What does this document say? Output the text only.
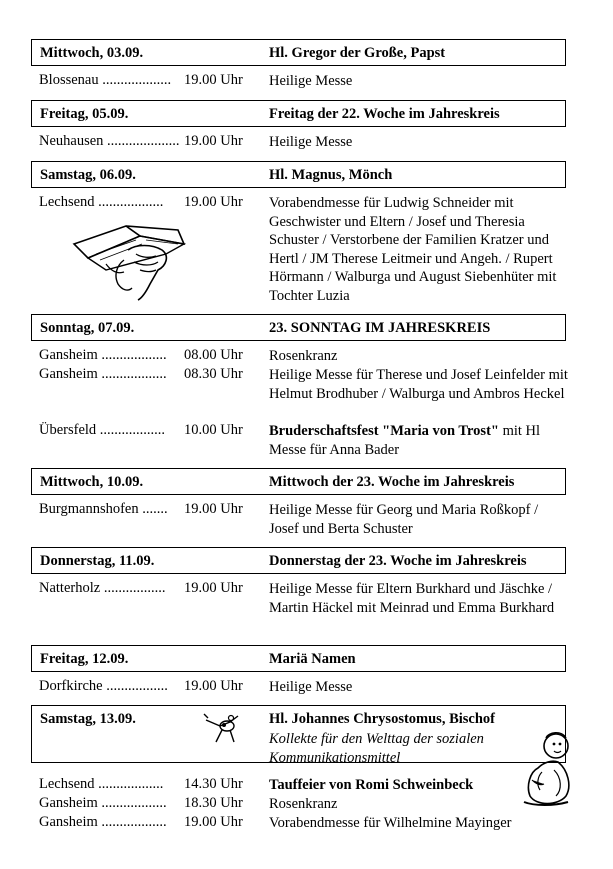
Mittwoch, 03.09.	Hl. Gregor der Große, Papst
Blossenau ................... 19.00 Uhr Heilige Messe
Freitag, 05.09.	Freitag der 22. Woche im Jahreskreis
Neuhausen .................... 19.00 Uhr Heilige Messe
Samstag, 06.09.	Hl. Magnus, Mönch
Lechsend .................. 19.00 Uhr Vorabendmesse für Ludwig Schneider mit Geschwister und Eltern / Josef und Theresia Schuster / Verstorbene der Familien Kratzer und Hertl / JM Therese Leitmeir und Angeh. / Rupert Hörmann / Walburga und August Siebenhüter mit Tochter Luzia
Sonntag, 07.09.	23. SONNTAG IM JAHRESKREIS
Gansheim .................. 08.00 Uhr Rosenkranz
Gansheim .................. 08.30 Uhr Heilige Messe für Therese und Josef Leinfelder mit Helmut Brodhuber / Walburga und Ambros Heckel
Übersfeld .................. 10.00 Uhr Bruderschaftsfest "Maria von Trost" mit Hl Messe für Anna Bader
Mittwoch, 10.09.	Mittwoch der 23. Woche im Jahreskreis
Burgmannshofen ....... 19.00 Uhr Heilige Messe für Georg und Maria Roßkopf / Josef und Berta Schuster
Donnerstag, 11.09.	Donnerstag der 23. Woche im Jahreskreis
Natterholz ................. 19.00 Uhr Heilige Messe für Eltern Burkhard und Jäschke / Martin Häckel mit Meinrad und Emma Burkhard
Freitag, 12.09.	Mariä Namen
Dorfkirche ................. 19.00 Uhr Heilige Messe
Samstag, 13.09.	Hl. Johannes Chrysostomus, Bischof
Kollekte für den Welttag der sozialen Kommunikationsmittel
Lechsend .................. 14.30 Uhr Tauffeier von Romi Schweinbeck
Gansheim .................. 18.30 Uhr Rosenkranz
Gansheim .................. 19.00 Uhr Vorabendmesse für Wilhelmine Mayinger
